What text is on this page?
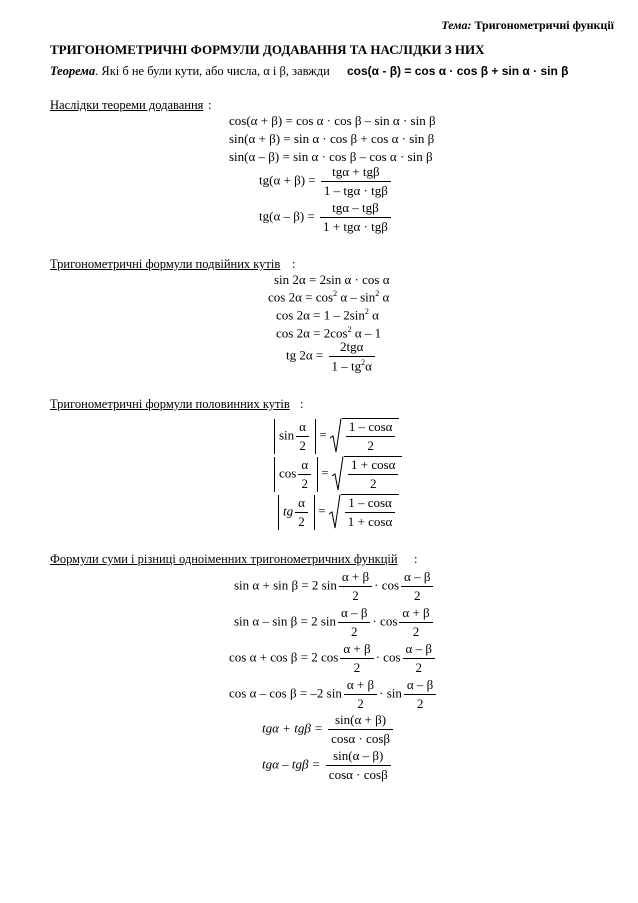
Тема: Тригонометричні функції
ТРИГОНОМЕТРИЧНІ ФОРМУЛИ ДОДАВАННЯ ТА НАСЛІДКИ З НИХ
Теорема. Які б не були кути, або числа, α і β, завжди cos(α - β) = cos α · cos β + sin α · sin β
Наслідки теореми додавання :
cos(α + β) = cos α · cos β – sin α · sin β
sin(α + β) = sin α · cos β + cos α · sin β
sin(α – β) = sin α · cos β – cos α · sin β
$tg(\alpha + \beta) = \frac{\text{tgα + tgβ}}{\text{1 – tgα · tgβ}}$
$tg(\alpha - \beta) = \frac{\text{tgα – tgβ}}{\text{1 + tgα · tgβ}}$
Тригонометричні формули подвійних кутів :
sin 2α = 2sin α · cos α
$\cos 2\alpha = \cos^2 \alpha - \sin^2 \alpha$
$\cos 2\alpha = 1 - 2\sin^2$ α
$\cos 2\alpha = 2\cos^2$ α – 1
tg $2\alpha = \frac{\text{2tgα}}{1 - tg^2\alpha}$
Тригонометричні формули половинних кутів :
$\sin \frac{\alpha}{2} = \frac{1 - \cos\alpha}{2}$
$\cos \frac{\alpha}{2} = \frac{1 + \cos\alpha}{2}$
tg $\frac{\alpha}{2} = \frac{1 - \cos\alpha}{1 + \cos\alpha}$
Формули суми і різниці одноіменних тригонометричних функцій :
sin α + sin β = 2 $\sin \frac{\alpha + \beta}{2} \cdot \cos \frac{\alpha - \beta}{2}$
sin α – sin β = 2 $\sin \frac{\alpha - \beta}{2} \cdot \cos \frac{\alpha + \beta}{2}$
cos α + cos β = 2 $\cos \frac{\alpha + \beta}{2} \cdot \cos \frac{\alpha - \beta}{2}$
cos α – cos β = –2 $\sin \frac{\alpha + \beta}{2} \cdot \sin \frac{\alpha - \beta}{2}$
$tg\alpha + tg\beta = \frac{\sin(\alpha + \beta)}{\cos\alpha \cdot \cos\beta}$
$tg\alpha - tg\beta = \frac{\sin(\alpha - \beta)}{\cos\alpha \cdot \cos\beta}$
